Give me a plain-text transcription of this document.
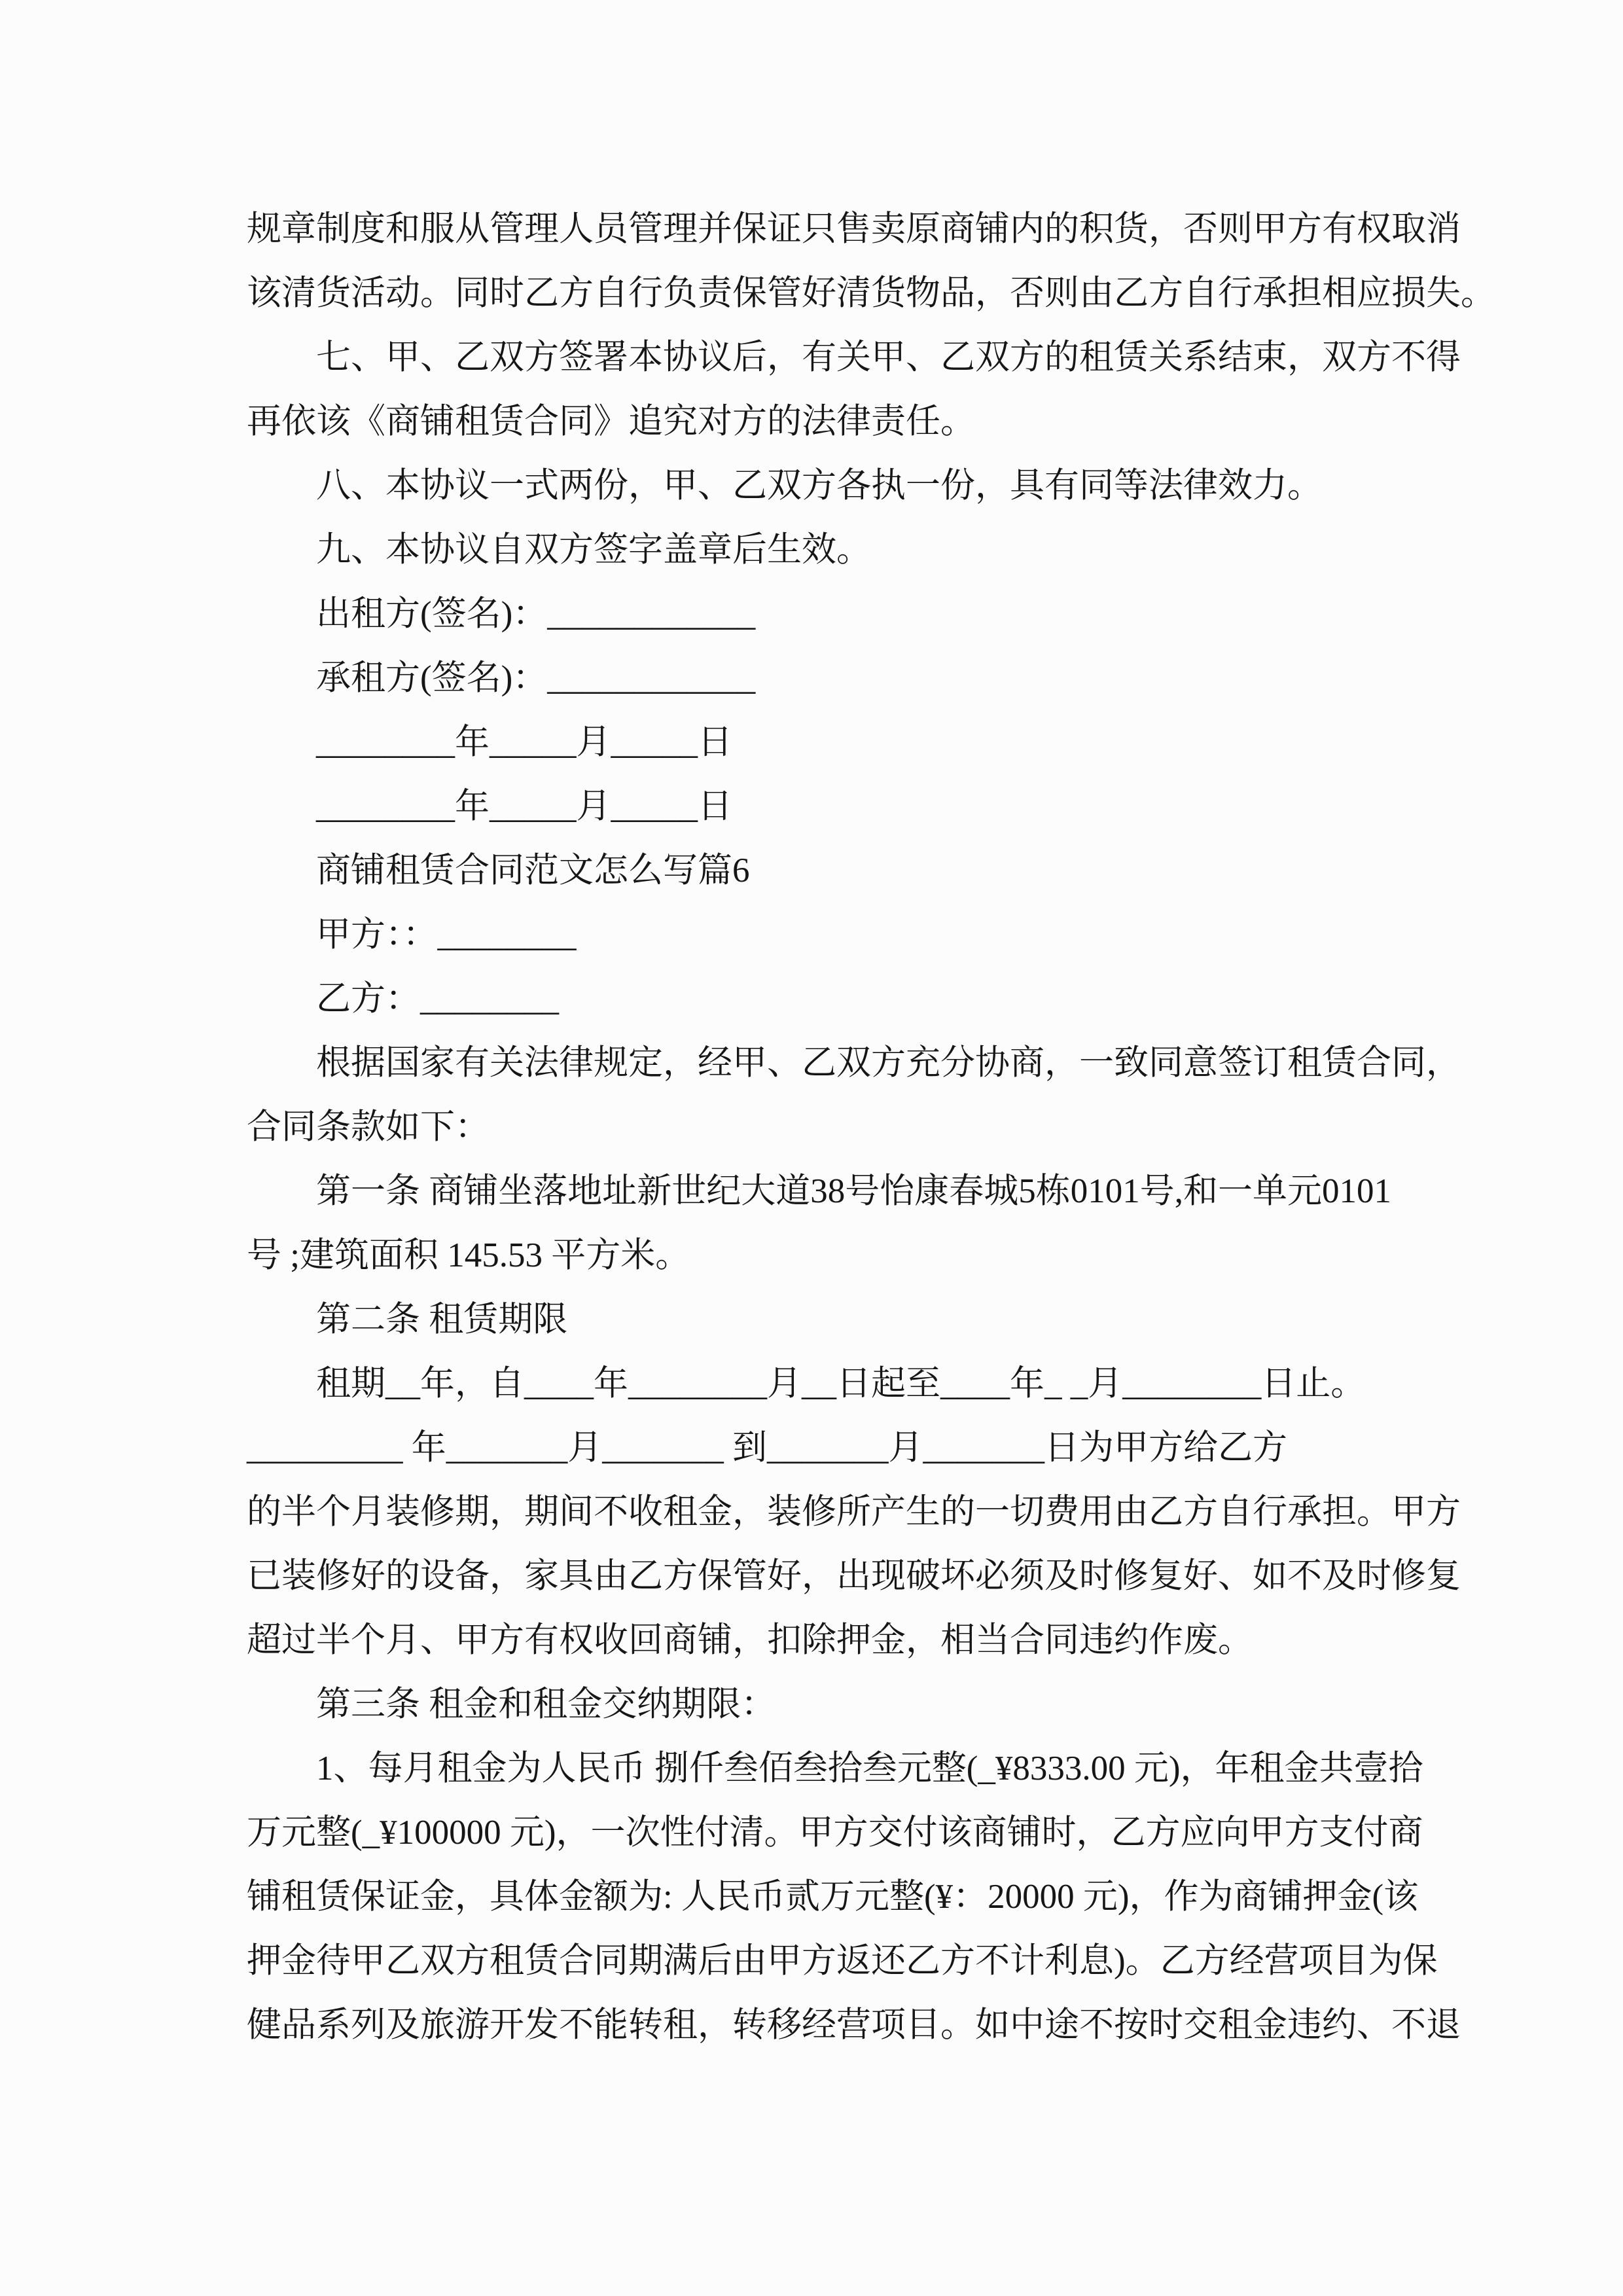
规章制度和服从管理人员管理并保证只售卖原商铺内的积货，否则甲方有权取消
该清货活动。同时乙方自行负责保管好清货物品，否则由乙方自行承担相应损失。
七、甲、乙双方签署本协议后，有关甲、乙双方的租赁关系结束，双方不得
再依该《商铺租赁合同》追究对方的法律责任。
八、本协议一式两份，甲、乙双方各执一份，具有同等法律效力。
九、本协议自双方签字盖章后生效。
出租方(签名)：____________
承租方(签名)：____________
________年_____月_____日
________年_____月_____日
商铺租赁合同范文怎么写篇6
甲方：：________
乙方：________
根据国家有关法律规定，经甲、乙双方充分协商，一致同意签订租赁合同，
合同条款如下：
第一条 商铺坐落地址新世纪大道38号怡康春城5栋0101号,和一单元0101
号 ;建筑面积 145.53 平方米。
第二条 租赁期限
租期__年，自____年________月__日起至____年_ _月________日止。
_________ 年_______月_______ 到_______月_______日为甲方给乙方
的半个月装修期，期间不收租金，装修所产生的一切费用由乙方自行承担。甲方
已装修好的设备，家具由乙方保管好，出现破坏必须及时修复好、如不及时修复
超过半个月、甲方有权收回商铺，扣除押金，相当合同违约作废。
第三条 租金和租金交纳期限：
1、每月租金为人民币 捌仟叁佰叁拾叁元整(_¥8333.00 元)，年租金共壹拾
万元整(_¥100000 元)，一次性付清。甲方交付该商铺时，乙方应向甲方支付商
铺租赁保证金，具体金额为: 人民币贰万元整(¥：20000 元)，作为商铺押金(该
押金待甲乙双方租赁合同期满后由甲方返还乙方不计利息)。乙方经营项目为保
健品系列及旅游开发不能转租，转移经营项目。如中途不按时交租金违约、不退
